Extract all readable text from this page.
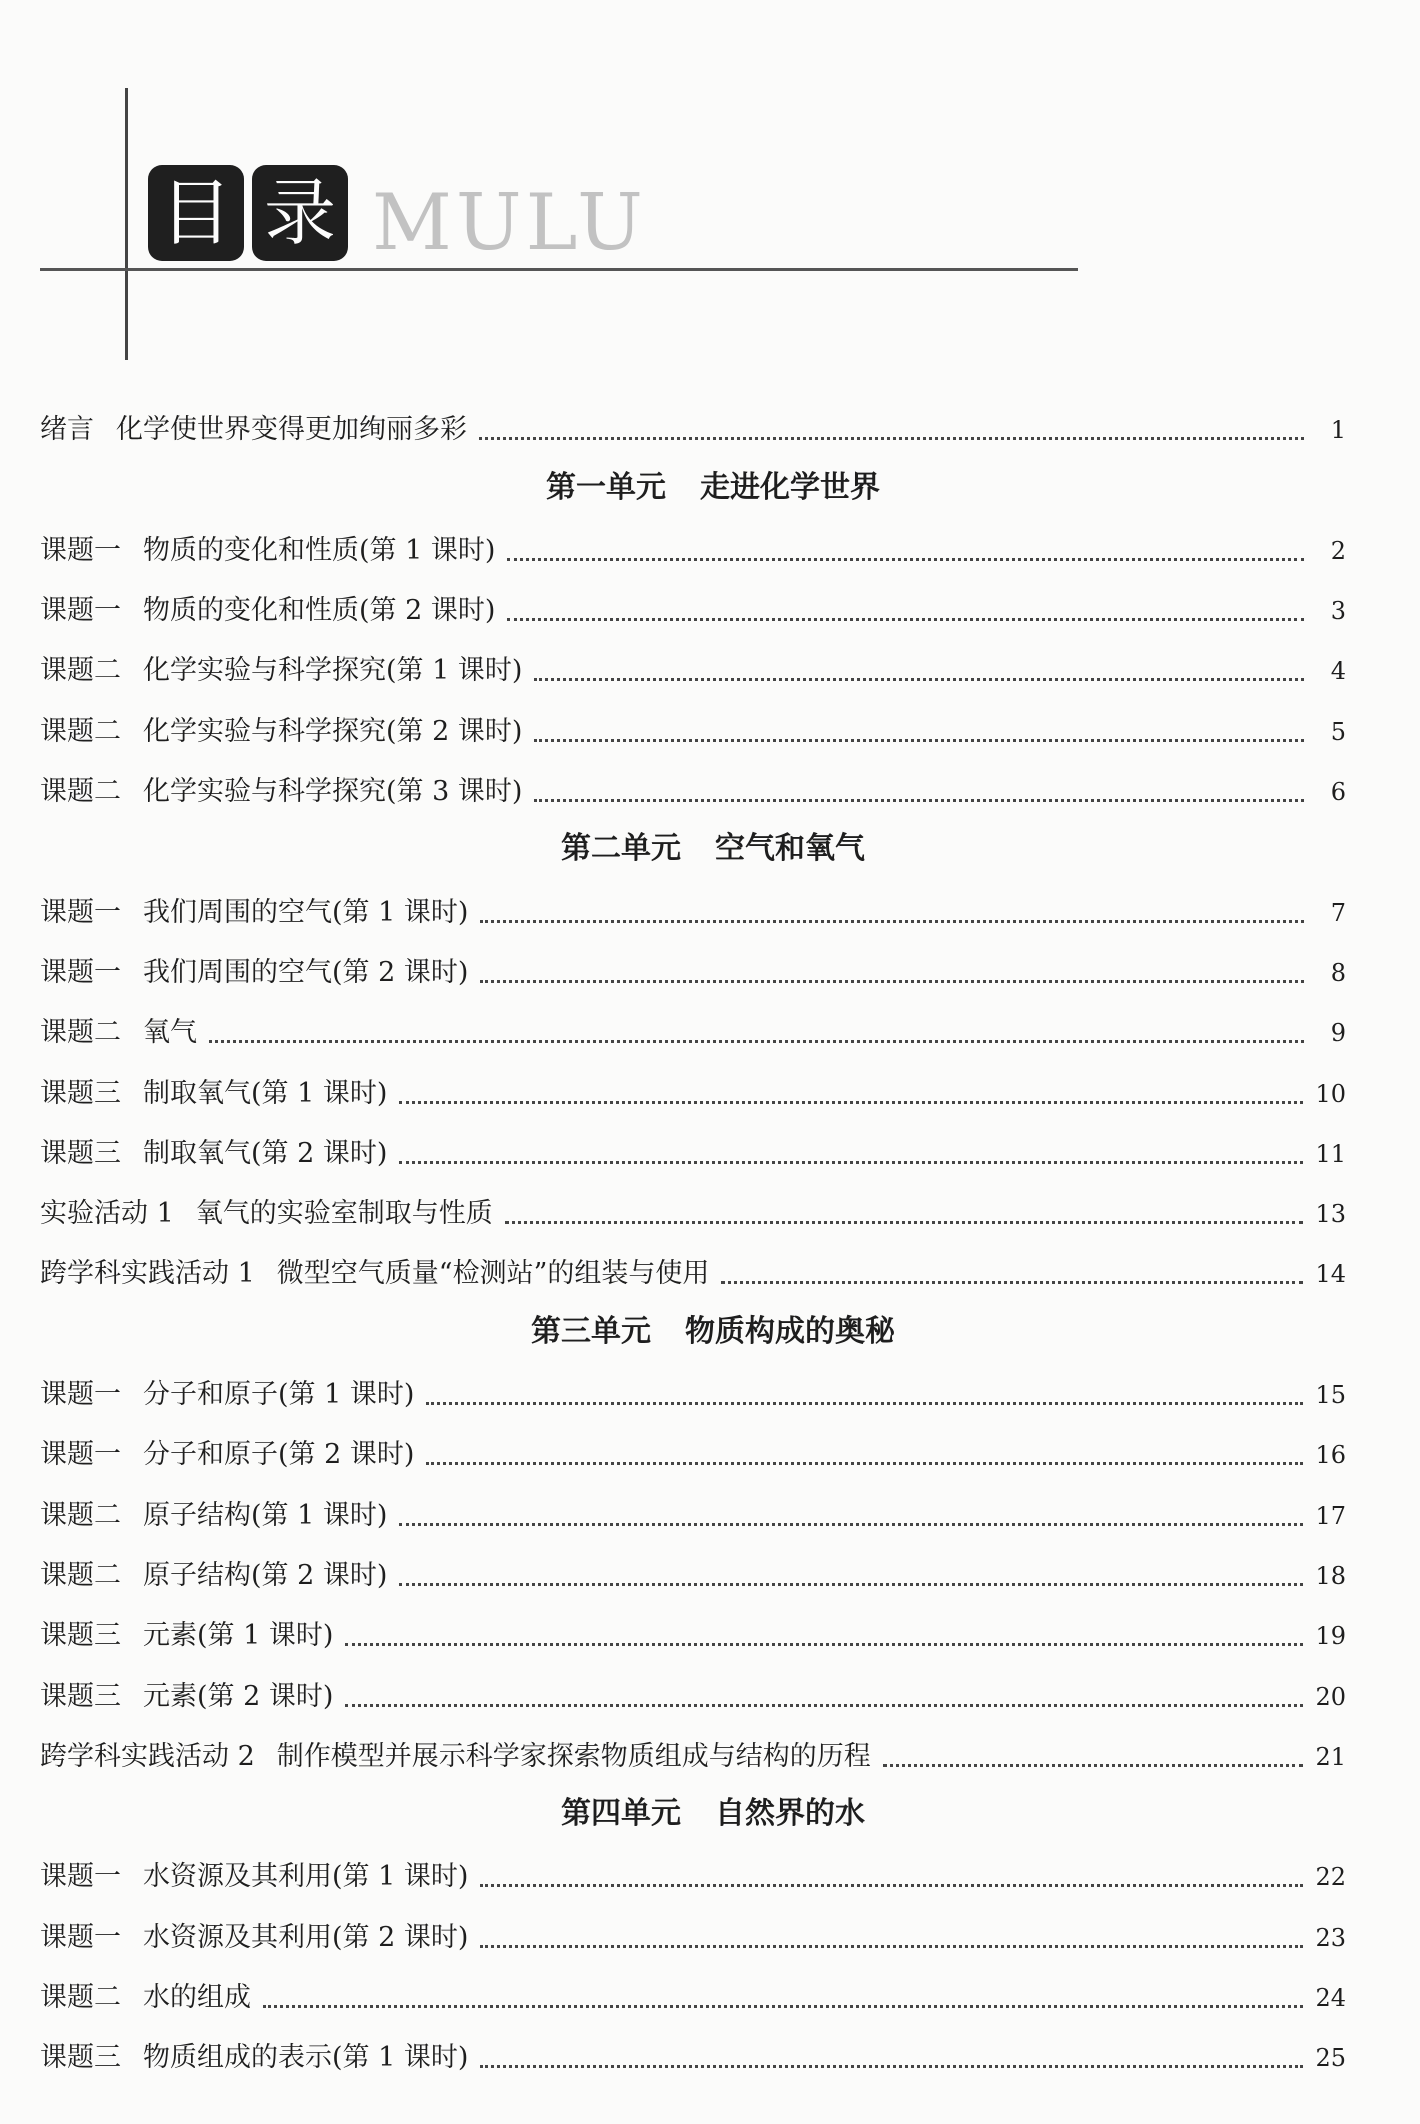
目 录 MULU
绪言 化学使世界变得更加绚丽多彩	1
第一单元 走进化学世界
课题一 物质的变化和性质(第 1 课时)	2
课题一 物质的变化和性质(第 2 课时)	3
课题二 化学实验与科学探究(第 1 课时)	4
课题二 化学实验与科学探究(第 2 课时)	5
课题二 化学实验与科学探究(第 3 课时)	6
第二单元 空气和氧气
课题一 我们周围的空气(第 1 课时)	7
课题一 我们周围的空气(第 2 课时)	8
课题二 氧气	9
课题三 制取氧气(第 1 课时)	10
课题三 制取氧气(第 2 课时)	11
实验活动 1 氧气的实验室制取与性质	13
跨学科实践活动 1 微型空气质量“检测站”的组装与使用	14
第三单元 物质构成的奥秘
课题一 分子和原子(第 1 课时)	15
课题一 分子和原子(第 2 课时)	16
课题二 原子结构(第 1 课时)	17
课题二 原子结构(第 2 课时)	18
课题三 元素(第 1 课时)	19
课题三 元素(第 2 课时)	20
跨学科实践活动 2 制作模型并展示科学家探索物质组成与结构的历程	21
第四单元 自然界的水
课题一 水资源及其利用(第 1 课时)	22
课题一 水资源及其利用(第 2 课时)	23
课题二 水的组成	24
课题三 物质组成的表示(第 1 课时)	25
